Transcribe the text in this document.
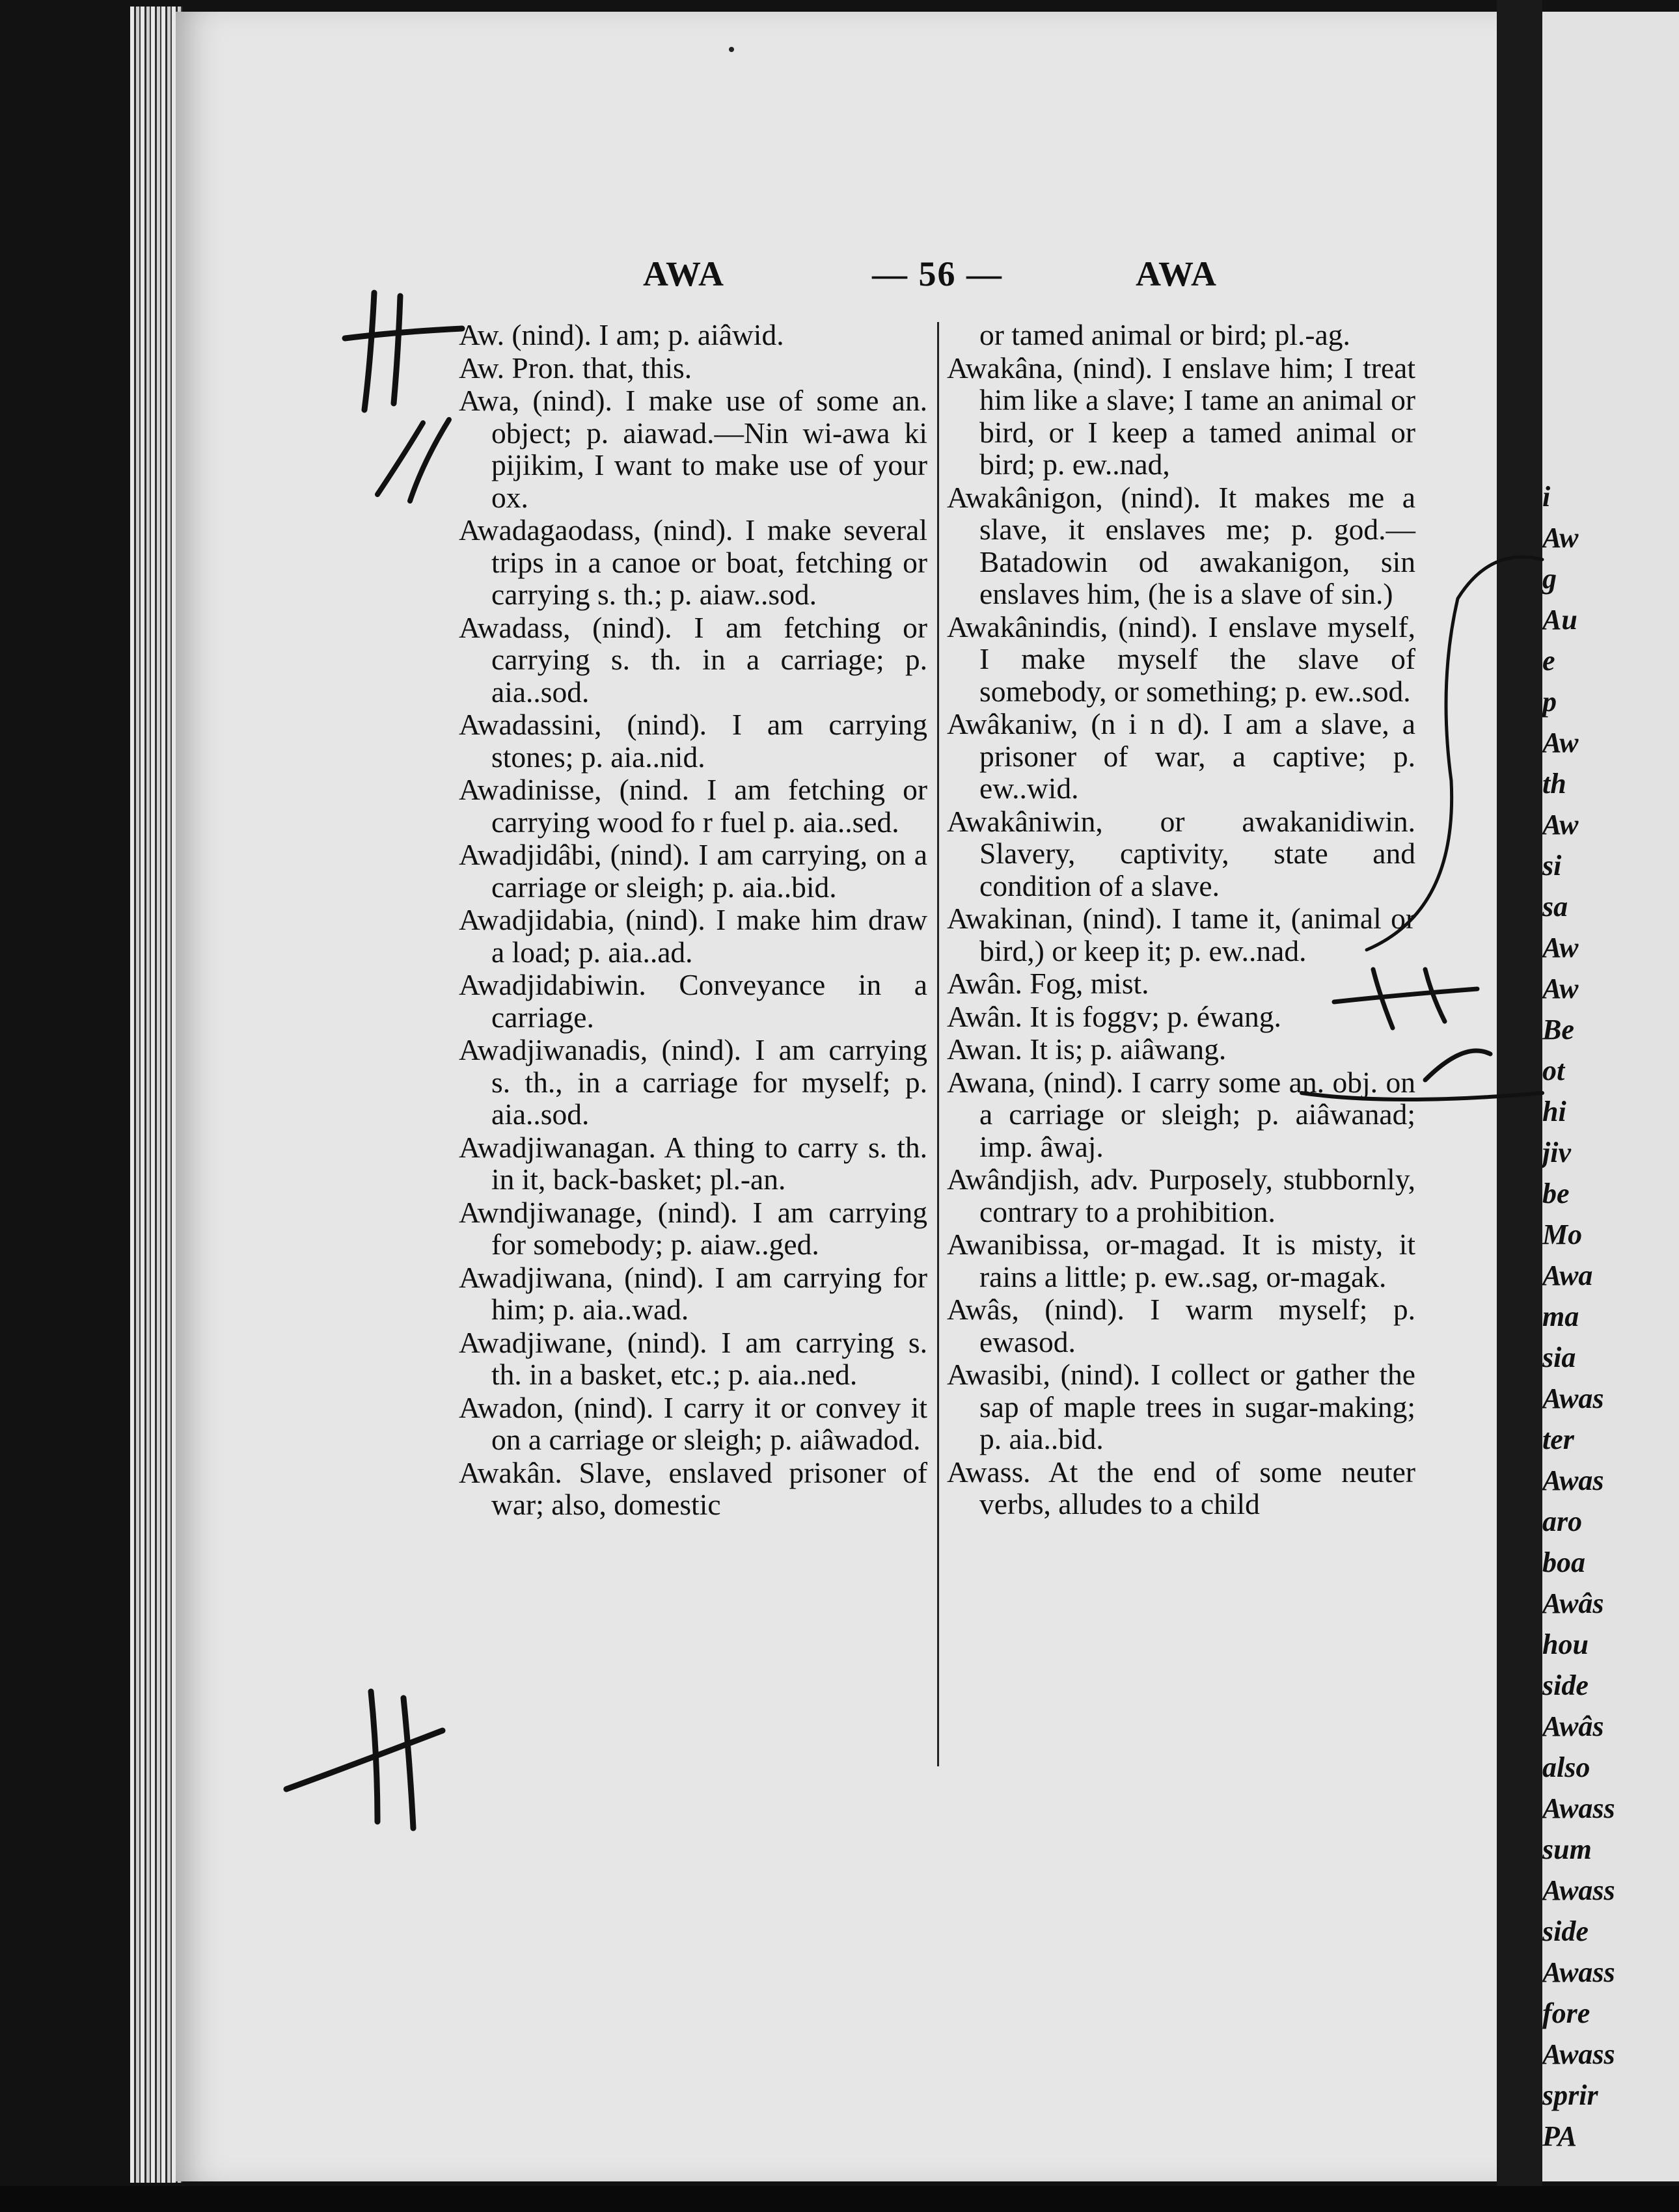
i
Aw
g
Au
e
p
Aw
th
Aw
si
sa
Aw
Aw
Be
ot
hi
jiv
be
Mo
Awa
ma
sia
Awas
ter
Awas
aro
boa
Awâs
hou
side
Awâs
also
Awass
sum
Awass
side
Awass
fore
Awass
sprir
PA
AWA	— 56 —	AWA
Aw. (nind). I am; p. aiâwid.
Aw. Pron. that, this.
Awa, (nind). I make use of some an. object; p. aiawad.—Nin wi-awa ki pijikim, I want to make use of your ox.
Awadagaodass, (nind). I make several trips in a canoe or boat, fetching or carrying s. th.; p. aiaw..sod.
Awadass, (nind). I am fetching or carrying s. th. in a carriage; p. aia..sod.
Awadassini, (nind). I am carrying stones; p. aia..nid.
Awadinisse, (nind. I am fetching or carrying wood fo r fuel p. aia..sed.
Awadjidâbi, (nind). I am carrying, on a carriage or sleigh; p. aia..bid.
Awadjidabia, (nind). I make him draw a load; p. aia..ad.
Awadjidabiwin. Conveyance in a carriage.
Awadjiwanadis, (nind). I am carrying s. th., in a carriage for myself; p. aia..sod.
Awadjiwanagan. A thing to carry s. th. in it, back-basket; pl.-an.
Awndjiwanage, (nind). I am carrying for somebody; p. aiaw..ged.
Awadjiwana, (nind). I am carrying for him; p. aia..wad.
Awadjiwane, (nind). I am carrying s. th. in a basket, etc.; p. aia..ned.
Awadon, (nind). I carry it or convey it on a carriage or sleigh; p. aiâwadod.
Awakân. Slave, enslaved prisoner of war; also, domestic
or tamed animal or bird; pl.-ag.
Awakâna, (nind). I enslave him; I treat him like a slave; I tame an animal or bird, or I keep a tamed animal or bird; p. ew..nad,
Awakânigon, (nind). It makes me a slave, it enslaves me; p. god.—Batadowin od awakanigon, sin enslaves him, (he is a slave of sin.)
Awakânindis, (nind). I enslave myself, I make myself the slave of somebody, or something; p. ew..sod.
Awâkaniw, (n i n d). I am a slave, a prisoner of war, a captive; p. ew..wid.
Awakâniwin, or awakanidiwin. Slavery, captivity, state and condition of a slave.
Awakinan, (nind). I tame it, (animal or bird,) or keep it; p. ew..nad.
Awân. Fog, mist.
Awân. It is foggv; p. éwang.
Awan. It is; p. aiâwang.
Awana, (nind). I carry some an. obj. on a carriage or sleigh; p. aiâwanad; imp. âwaj.
Awândjish, adv. Purposely, stubbornly, contrary to a prohibition.
Awanibissa, or-magad. It is misty, it rains a little; p. ew..sag, or-magak.
Awâs, (nind). I warm myself; p. ewasod.
Awasibi, (nind). I collect or gather the sap of maple trees in sugar-making; p. aia..bid.
Awass. At the end of some neuter verbs, alludes to a child
